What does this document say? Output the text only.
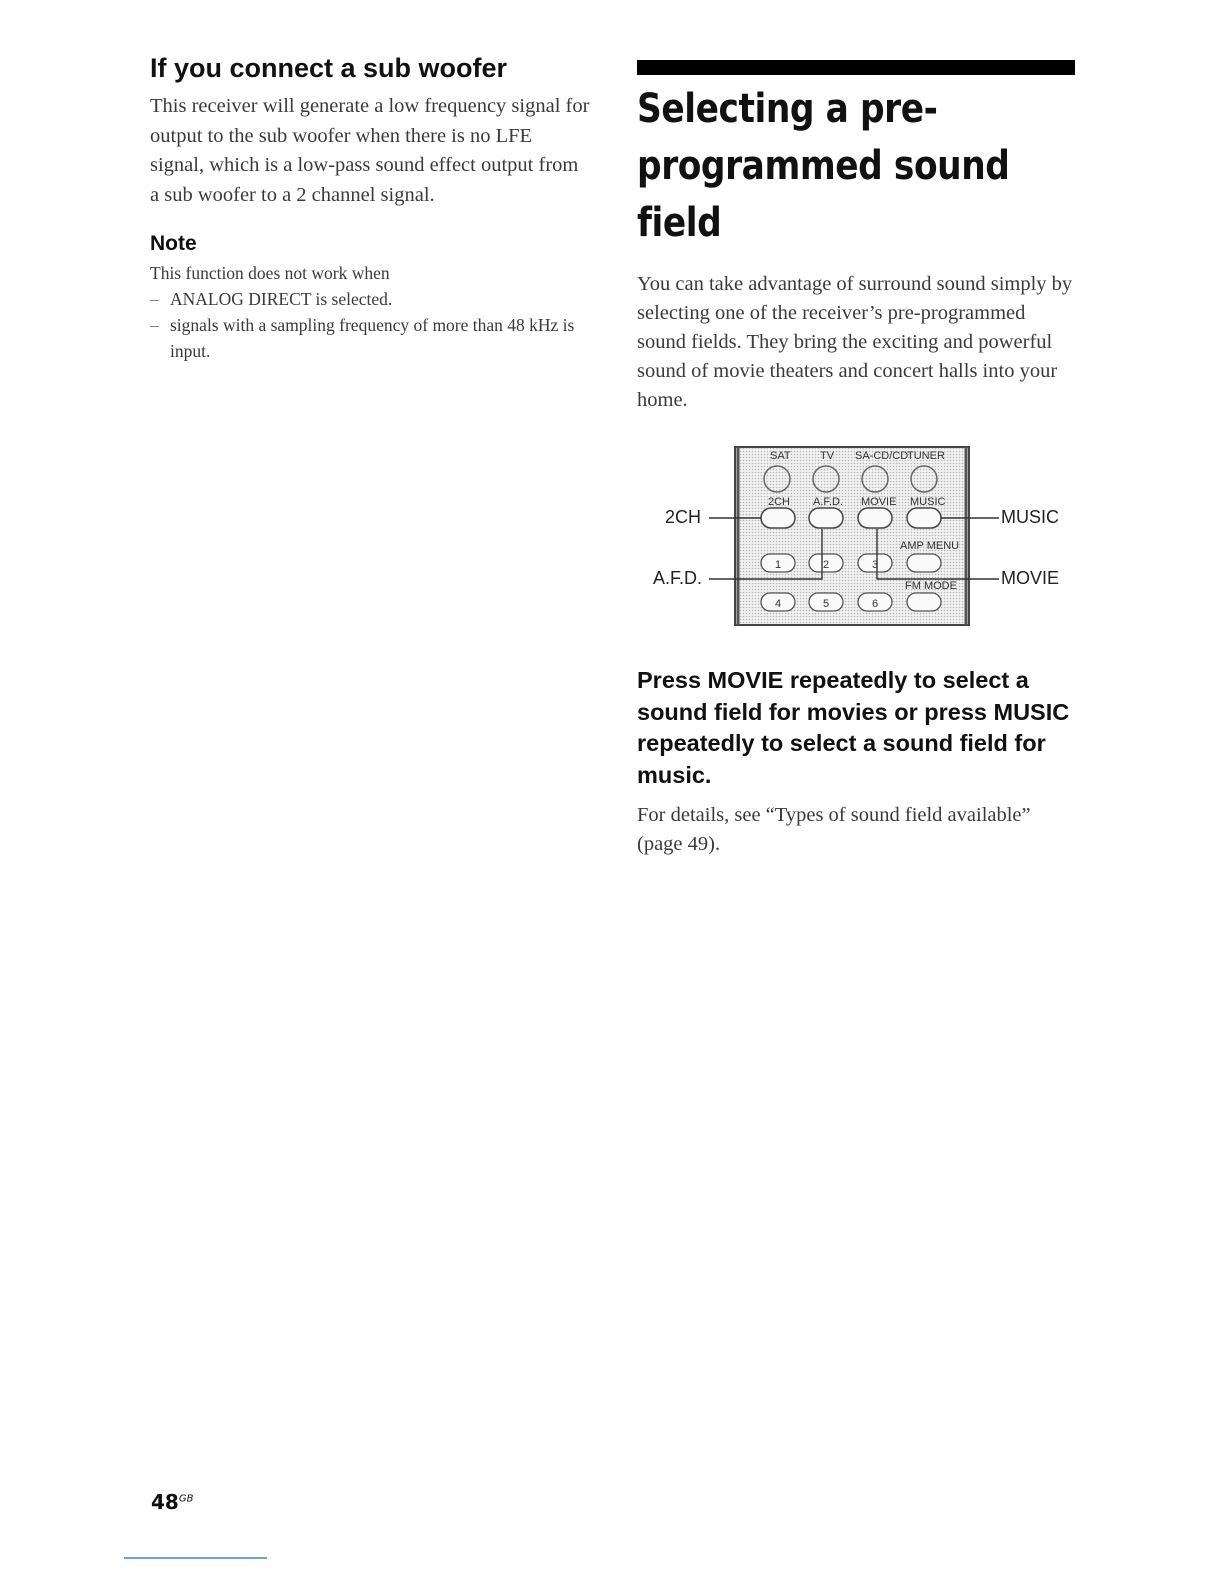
If you connect a sub woofer

This receiver will generate a low frequency signal for output to the sub woofer when there is no LFE signal, which is a low-pass sound effect output from a sub woofer to a 2 channel signal.

Note

This function does not work when

– ANALOG DIRECT is selected.
– signals with a sampling frequency of more than 48 kHz is input.
Selecting a pre-programmed sound field

You can take advantage of surround sound simply by selecting one of the receiver’s pre-programmed sound fields. They bring the exciting and powerful sound of movie theaters and concert halls into your home.

SAT	TV SA-CD/CD
TUNER
2CH A.F.D. MOVIE MUSIC
AMP MENU
FM MODE
1	2	3
4	5	6
2CH
A.F.D.
MUSIC
MOVIE

Press MOVIE repeatedly to select a sound field for movies or press MUSIC repeatedly to select a sound field for music.

For details, see “Types of sound field available” (page 49).

$48^{GB}$
